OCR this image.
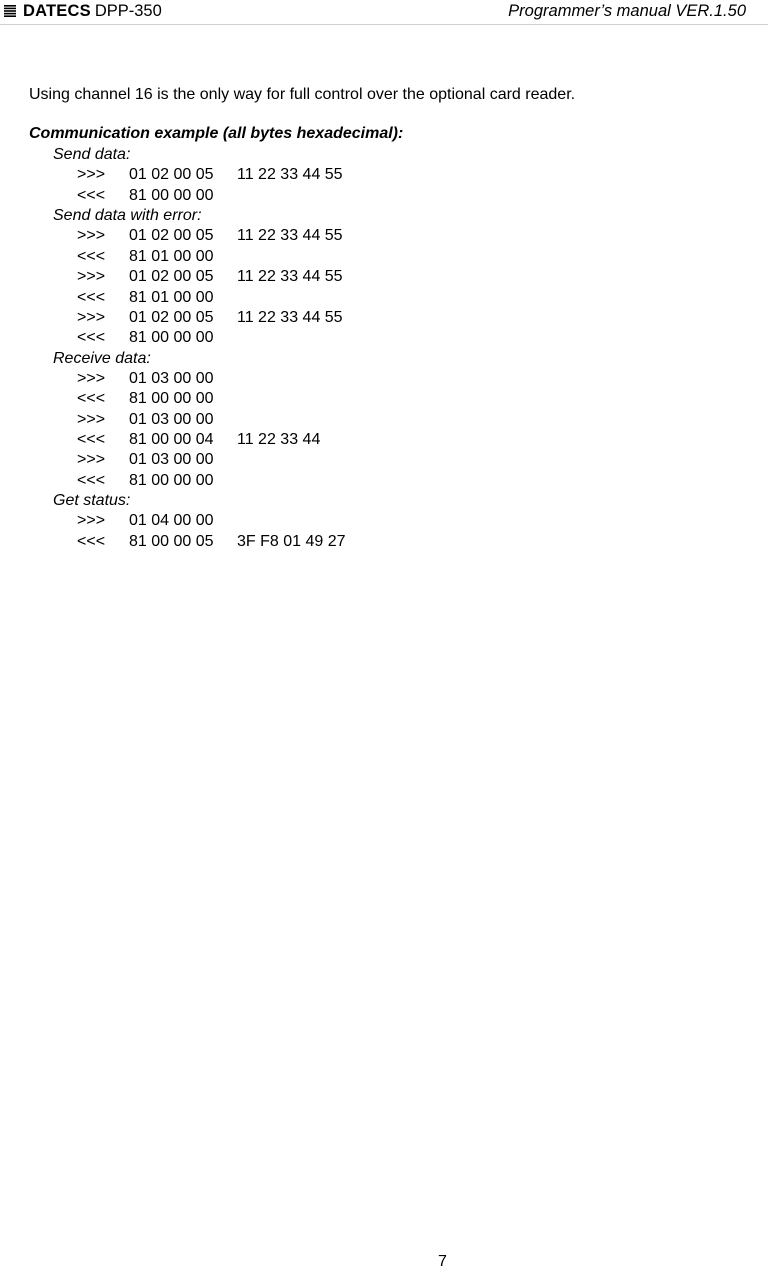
DATECS DPP-350	Programmer’s manual VER.1.50
Using channel 16 is the only way for full control over the optional card reader.
Communication example (all bytes hexadecimal):
Send data:
>>> 01 02 00 05 11 22 33 44 55
<<< 81 00 00 00
Send data with error:
>>> 01 02 00 05 11 22 33 44 55
<<< 81 01 00 00
>>> 01 02 00 05 11 22 33 44 55
<<< 81 01 00 00
>>> 01 02 00 05 11 22 33 44 55
<<< 81 00 00 00
Receive data:
>>> 01 03 00 00
<<< 81 00 00 00
>>> 01 03 00 00
<<< 81 00 00 04 11 22 33 44
>>> 01 03 00 00
<<< 81 00 00 00
Get status:
>>> 01 04 00 00
<<< 81 00 00 05 3F F8 01 49 27
7
